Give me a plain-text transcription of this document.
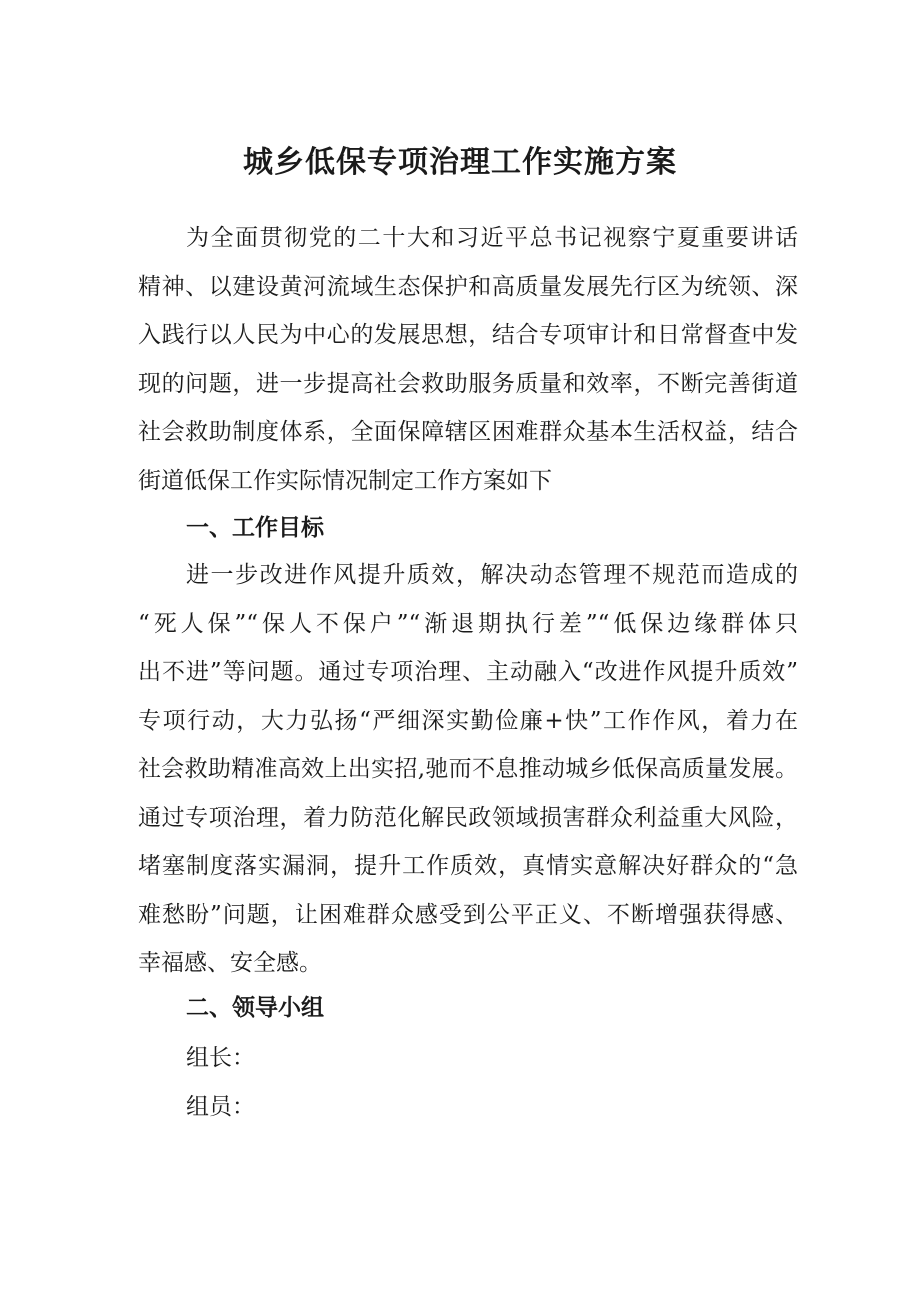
城乡低保专项治理工作实施方案
为全面贯彻党的二十大和习近平总书记视察宁夏重要讲话
精神、以建设黄河流域生态保护和高质量发展先行区为统领、深
入践行以人民为中心的发展思想，结合专项审计和日常督查中发
现的问题，进一步提高社会救助服务质量和效率，不断完善街道
社会救助制度体系，全面保障辖区困难群众基本生活权益，结合
街道低保工作实际情况制定工作方案如下
一、工作目标
进一步改进作风提升质效，解决动态管理不规范而造成的
“死人保”“保人不保户”“渐退期执行差”“低保边缘群体只
出不进”等问题。通过专项治理、主动融入“改进作风提升质效”
专项行动，大力弘扬“严细深实勤俭廉+快”工作作风，着力在
社会救助精准高效上出实招,驰而不息推动城乡低保高质量发展。
通过专项治理，着力防范化解民政领域损害群众利益重大风险，
堵塞制度落实漏洞，提升工作质效，真情实意解决好群众的“急
难愁盼”问题，让困难群众感受到公平正义、不断增强获得感、
幸福感、安全感。
二、领导小组
组长：
组员：
